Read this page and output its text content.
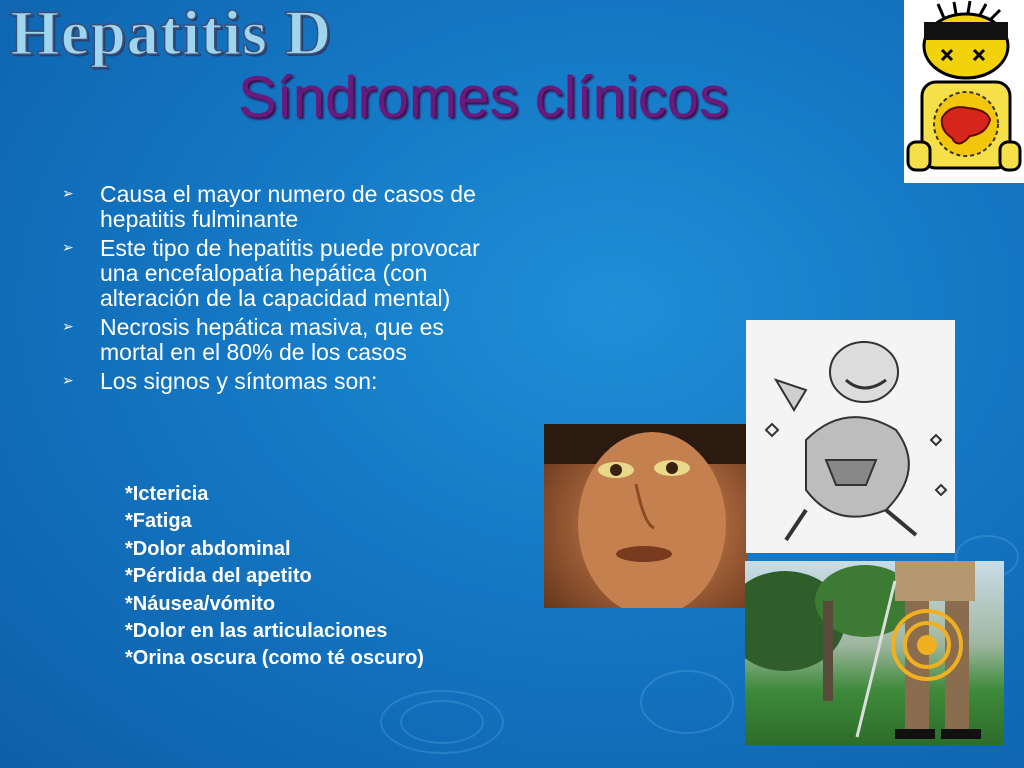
Hepatitis D
Síndromes clínicos
➢ Causa el mayor numero de casos de hepatitis fulminante
➢ Este tipo de hepatitis puede provocar una encefalopatía hepática (con alteración de la capacidad mental)
➢ Necrosis hepática masiva, que es mortal en el 80% de los casos
➢ Los signos y síntomas son:
*Ictericia
*Fatiga
*Dolor abdominal
*Pérdida del apetito
*Náusea/vómito
*Dolor en las articulaciones
*Orina oscura (como té oscuro)
